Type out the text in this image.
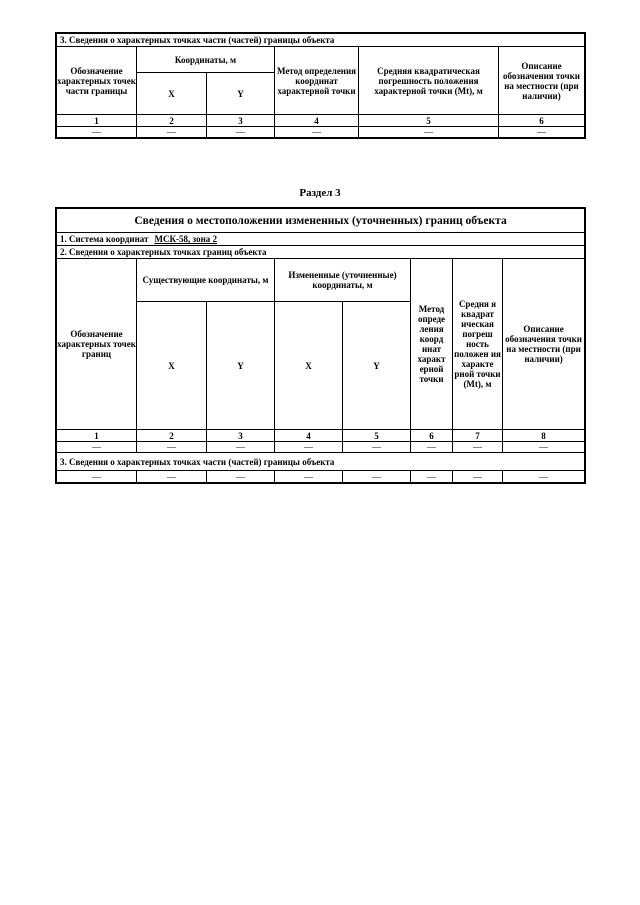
3. Сведения о характерных точках части (частей) границы объекта					
Обозначение характерных точек части границы	Координаты, м		Метод определения координат характерной точки	Средняя квадратическая погрешность положения характерной точки (Mt), м	Описание обозначения точки на местности (при наличии)
	X	Y			
1	2	3	4	5	6
—	—	—	—	—	—
Раздел 3
Сведения о местоположении измененных (уточненных) границ объекта							
1. Система координат МСК-58, зона 2							
2. Сведения о характерных точках границ объекта							
Обозначение характерных точек границ	Существующие координаты, м		Измененные (уточненные) координаты, м		Метод опреде ления коорд инат характ ерной точки	Средня я квадрат ическая погреш ность положен ия характе рной точки (Mt), м	Описание обозначения точки на местности (при наличии)
	X	Y	X	Y			
1	2	3	4	5	6	7	8
—	—	—	—	—	—	—	—
3. Сведения о характерных точках части (частей) границы объекта							
—	—	—	—	—	—	—	—
